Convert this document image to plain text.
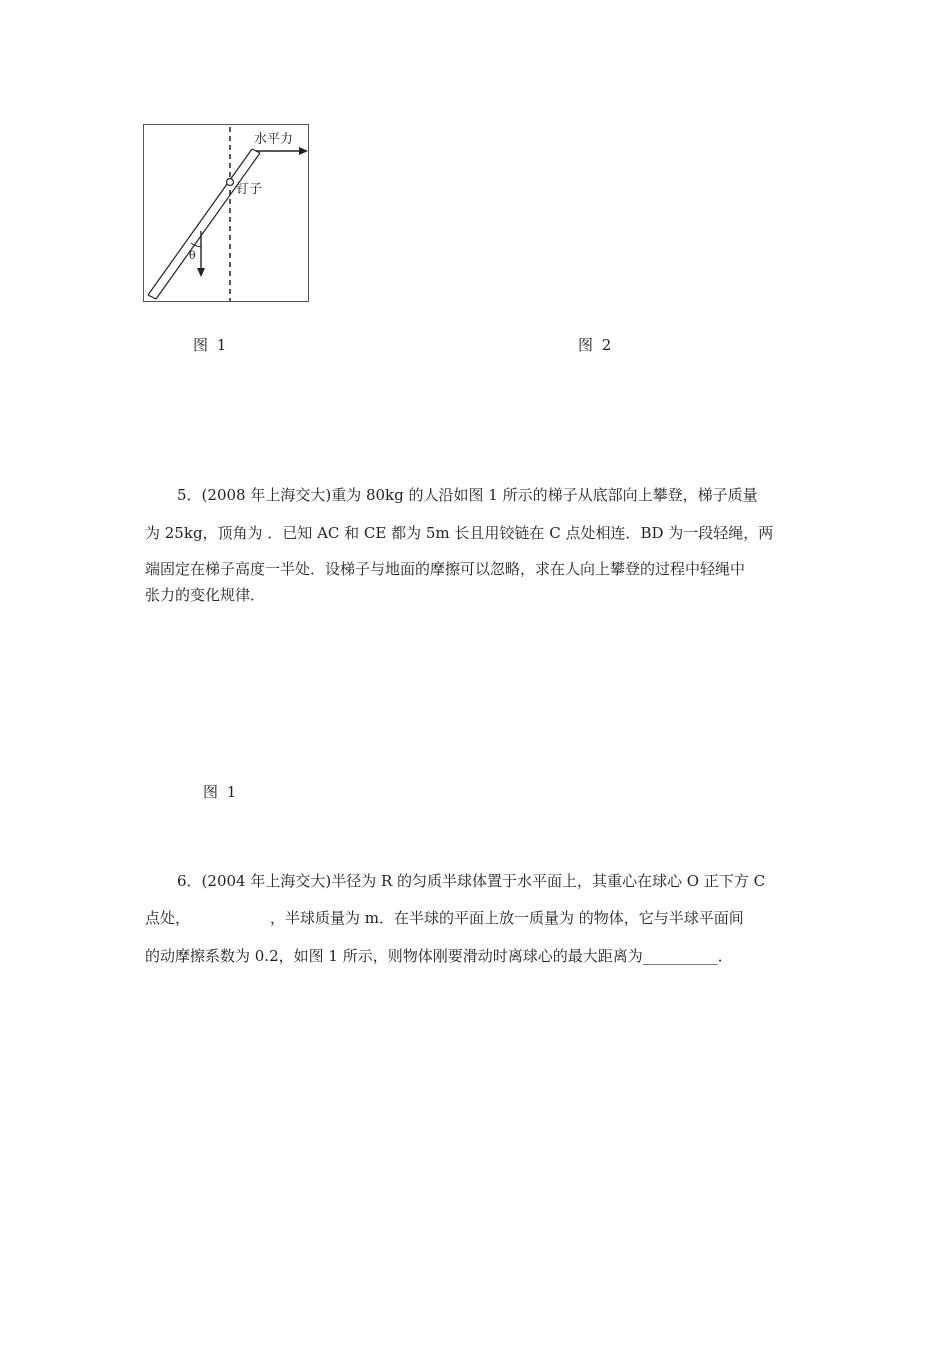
水平力
钉子
θ
图 1	图 2
5．(2008 年上海交大)重为 80kg 的人沿如图 1 所示的梯子从底部向上攀登，梯子质量
为 25kg，顶角为 ．已知 AC 和 CE 都为 5m 长且用铰链在 C 点处相连．BD 为一段轻绳，两
端固定在梯子高度一半处．设梯子与地面的摩擦可以忽略，求在人向上攀登的过程中轻绳中
张力的变化规律．
图 1
6．(2004 年上海交大)半径为 R 的匀质半球体置于水平面上，其重心在球心 O 正下方 C
点处，	，半球质量为 m．在半球的平面上放一质量为 的物体，它与半球平面间
的动摩擦系数为 0.2，如图 1 所示，则物体刚要滑动时离球心的最大距离为__________．
